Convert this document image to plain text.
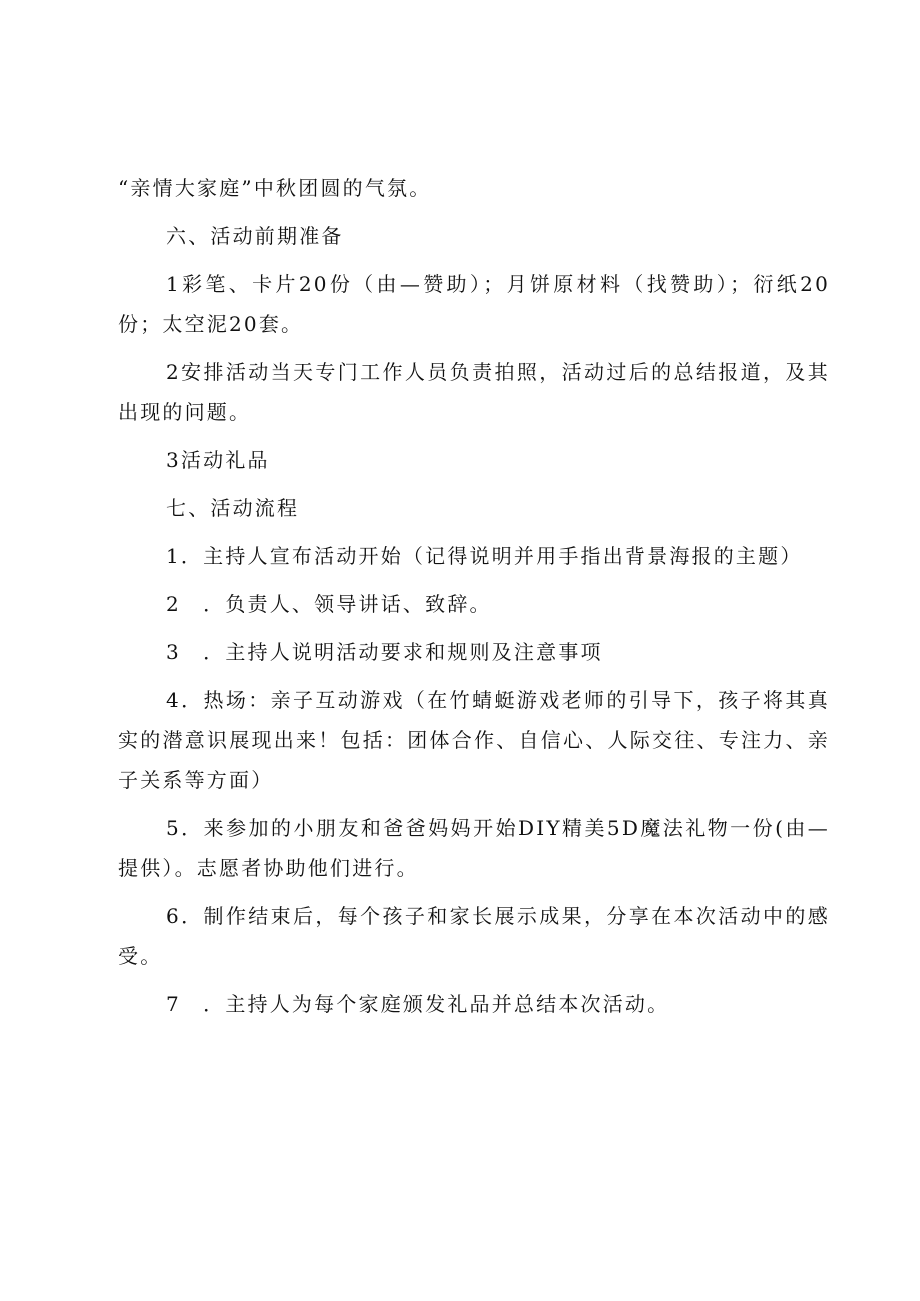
“亲情大家庭”中秋团圆的气氛。

六、活动前期准备

1彩笔、卡片20份（由—赞助）；月饼原材料（找赞助）；衍纸20份；太空泥20套。

2安排活动当天专门工作人员负责拍照，活动过后的总结报道，及其出现的问题。

3活动礼品

七、活动流程

1．主持人宣布活动开始（记得说明并用手指出背景海报的主题）

2　．负责人、领导讲话、致辞。

3　．主持人说明活动要求和规则及注意事项

4．热场：亲子互动游戏（在竹蜻蜓游戏老师的引导下，孩子将其真实的潜意识展现出来！包括：团体合作、自信心、人际交往、专注力、亲子关系等方面）

5．来参加的小朋友和爸爸妈妈开始DIY精美5D魔法礼物一份(由—提供）。志愿者协助他们进行。

6．制作结束后，每个孩子和家长展示成果，分享在本次活动中的感受。

7　．主持人为每个家庭颁发礼品并总结本次活动。
